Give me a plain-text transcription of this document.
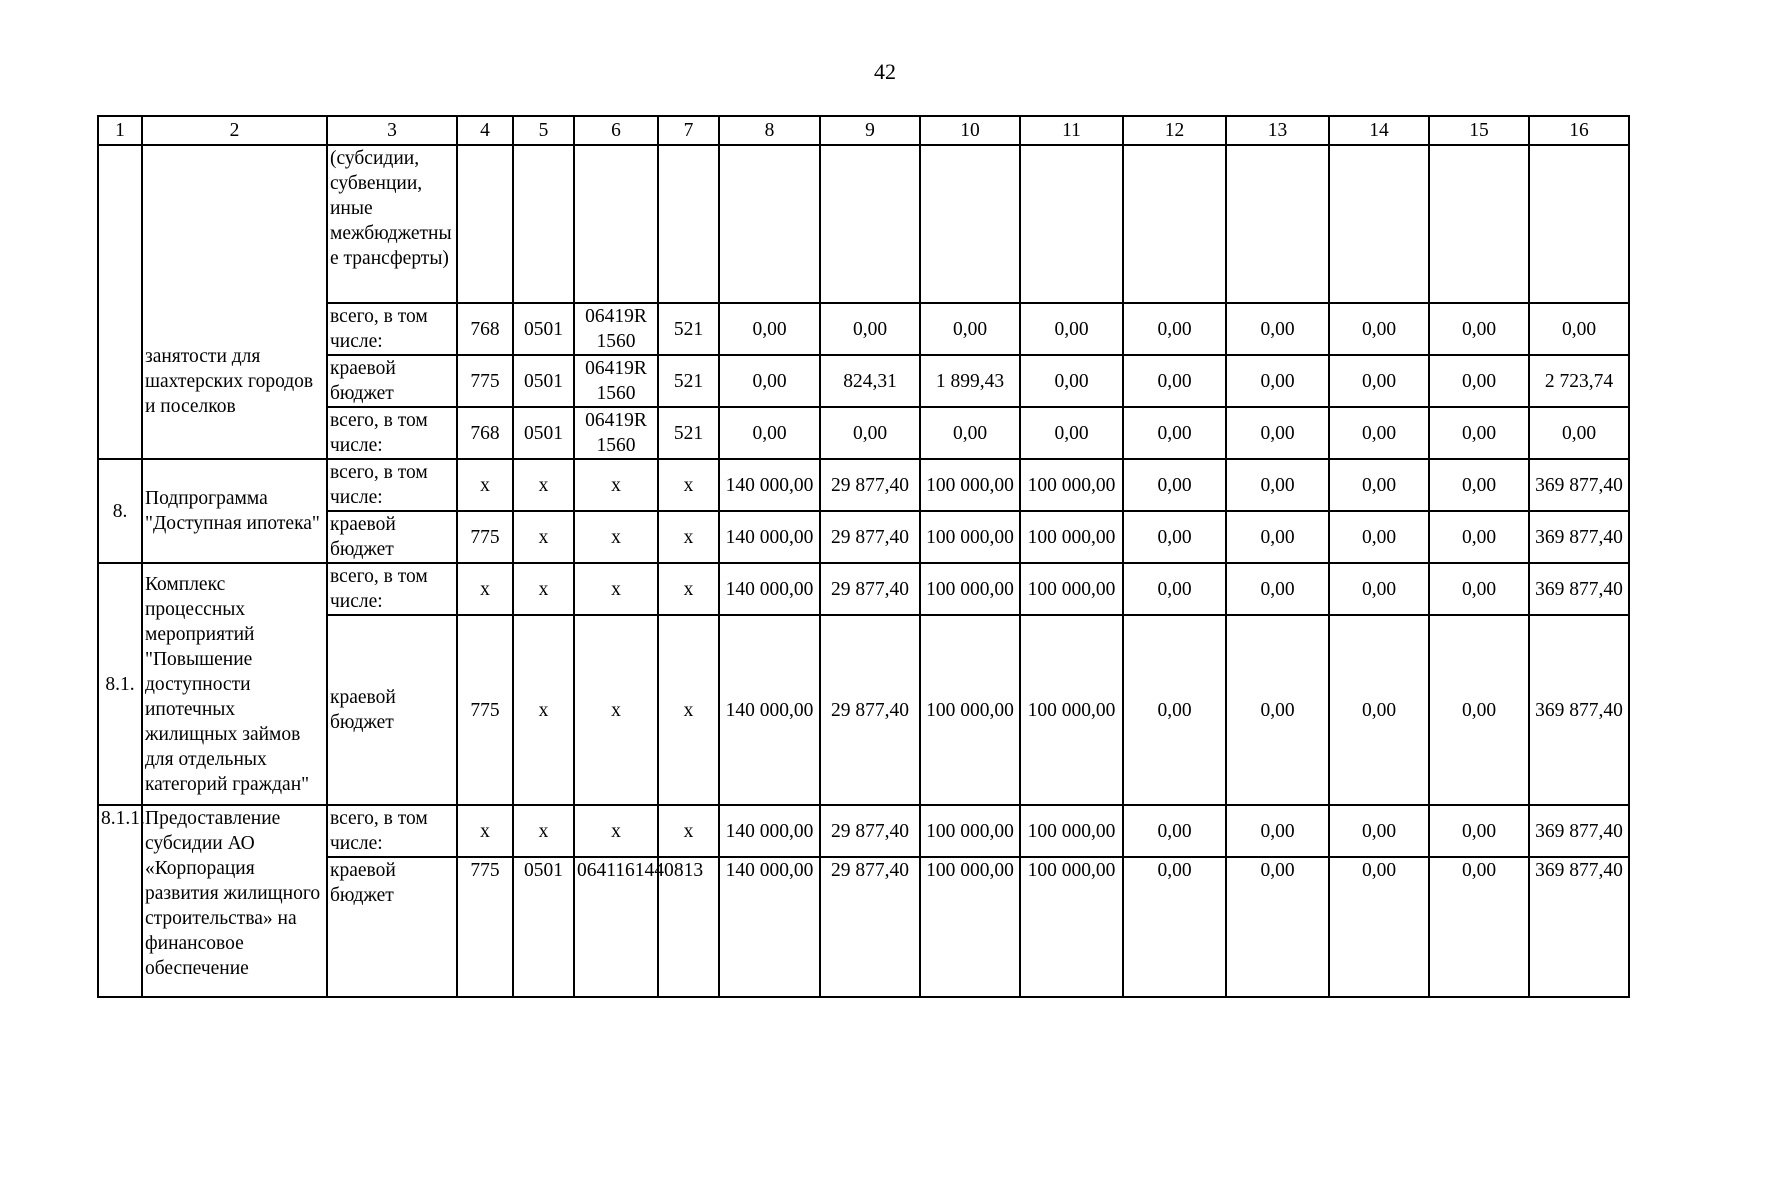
42
1	2	3	4	5	6	7	8	9	10	11	12	13	14	15	16

	занятости для шахтерских городов и поселков	(субсидии, субвенции, иные межбюджетные трансферты)													
		всего, в том числе:	768	0501	06419R 1560	521	0,00	0,00	0,00	0,00	0,00	0,00	0,00	0,00	0,00
		краевой бюджет	775	0501	06419R 1560	521	0,00	824,31	1 899,43	0,00	0,00	0,00	0,00	0,00	2 723,74
		всего, в том числе:	768	0501	06419R 1560	521	0,00	0,00	0,00	0,00	0,00	0,00	0,00	0,00	0,00
8.	Подпрограмма "Доступная ипотека"	всего, в том числе:	x	x	x	x	140 000,00	29 877,40	100 000,00	100 000,00	0,00	0,00	0,00	0,00	369 877,40
		краевой бюджет	775	x	x	x	140 000,00	29 877,40	100 000,00	100 000,00	0,00	0,00	0,00	0,00	369 877,40
8.1.	Комплекс процессных мероприятий "Повышение доступности ипотечных жилищных займов для отдельных категорий граждан"	всего, в том числе:	x	x	x	x	140 000,00	29 877,40	100 000,00	100 000,00	0,00	0,00	0,00	0,00	369 877,40
		краевой бюджет	775	x	x	x	140 000,00	29 877,40	100 000,00	100 000,00	0,00	0,00	0,00	0,00	369 877,40
8.1.1.	Предоставление субсидии АО «Корпорация развития жилищного строительства» на финансовое обеспечение	всего, в том числе:	x	x	x	x	140 000,00	29 877,40	100 000,00	100 000,00	0,00	0,00	0,00	0,00	369 877,40
		краевой бюджет	775	0501	0641161440	813	140 000,00	29 877,40	100 000,00	100 000,00	0,00	0,00	0,00	0,00	369 877,40
